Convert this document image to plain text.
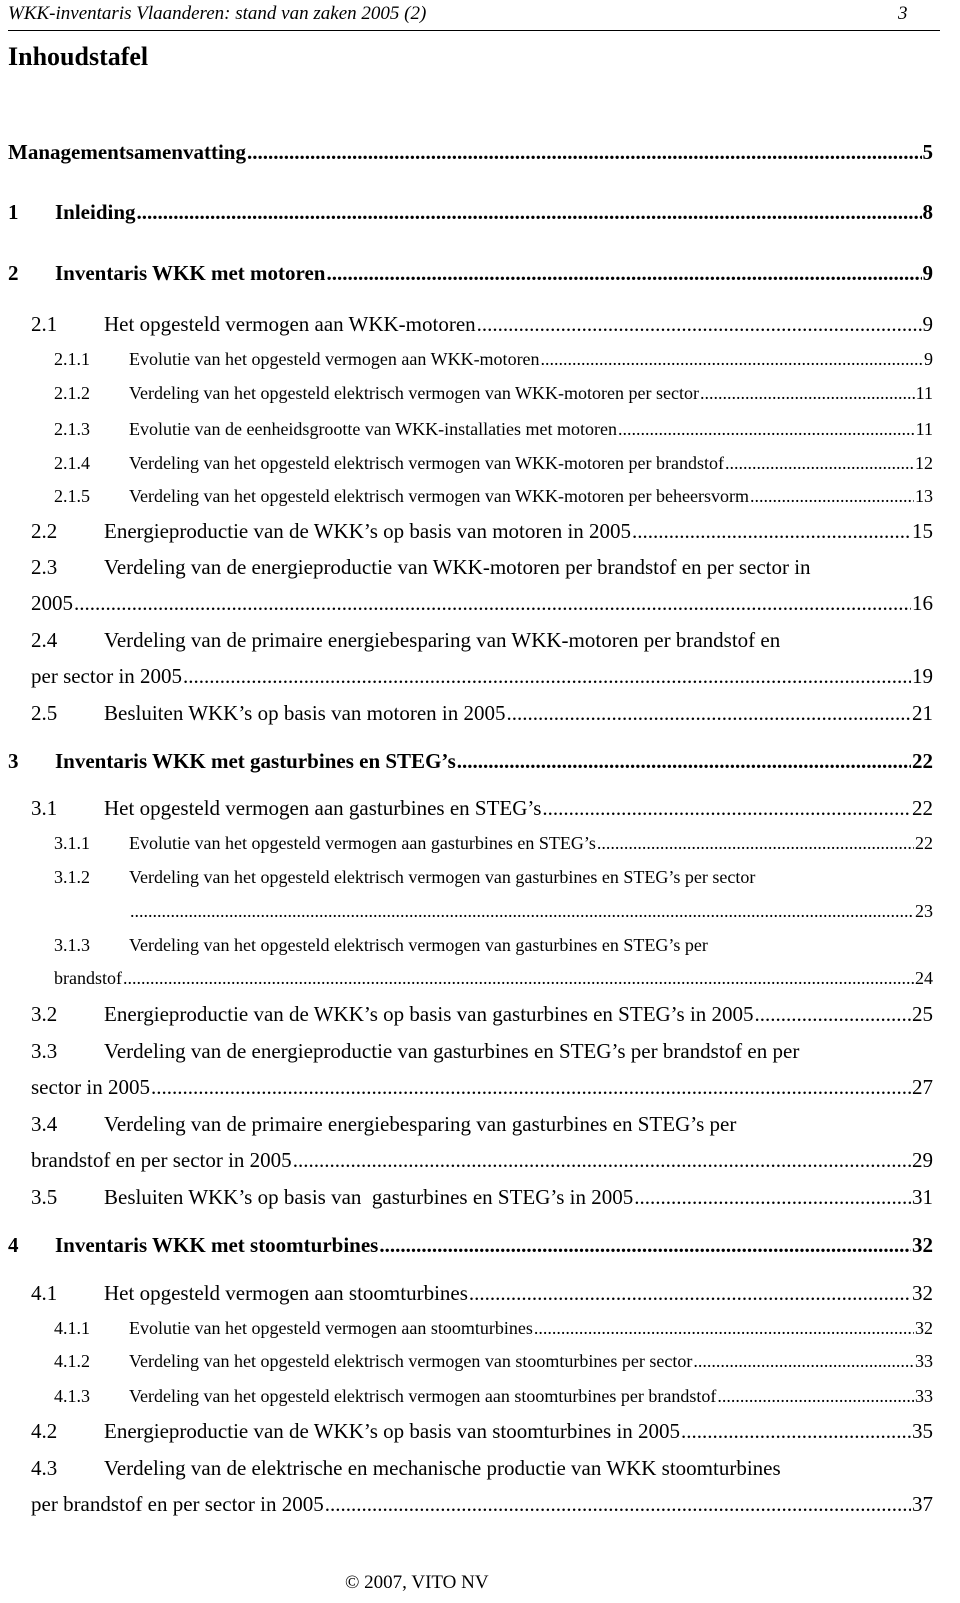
WKK-inventaris Vlaanderen: stand van zaken 2005 (2)	3
Inhoudstafel
Managementsamenvatting .....	5
1	Inleiding .....	8
2	Inventaris WKK met motoren .....	9
2.1	Het opgesteld vermogen aan WKK-motoren .....	9
2.1.1	Evolutie van het opgesteld vermogen aan WKK-motoren .....	9
2.1.2	Verdeling van het opgesteld elektrisch vermogen van WKK-motoren per sector .....	11
2.1.3	Evolutie van de eenheidsgrootte van WKK-installaties met motoren .....	11
2.1.4	Verdeling van het opgesteld elektrisch vermogen van WKK-motoren per brandstof .....	12
2.1.5	Verdeling van het opgesteld elektrisch vermogen van WKK-motoren per beheersvorm .....	13
2.2	Energieproductie van de WKK’s op basis van motoren in 2005 .....	15
2.3	Verdeling van de energieproductie van WKK-motoren per brandstof en per sector in
2005 .....	16
2.4	Verdeling van de primaire energiebesparing van WKK-motoren per brandstof en
per sector in 2005 .....	19
2.5	Besluiten WKK’s op basis van motoren in 2005 .....	21
3	Inventaris WKK met gasturbines en STEG’s .....	22
3.1	Het opgesteld vermogen aan gasturbines en STEG’s .....	22
3.1.1	Evolutie van het opgesteld vermogen aan gasturbines en STEG’s .....	22
3.1.2	Verdeling van het opgesteld elektrisch vermogen van gasturbines en STEG’s per sector
.....
23
3.1.3	Verdeling van het opgesteld elektrisch vermogen van gasturbines en STEG’s per
brandstof .....	24
3.2	Energieproductie van de WKK’s op basis van gasturbines en STEG’s in 2005 .....	25
3.3	Verdeling van de energieproductie van gasturbines en STEG’s per brandstof en per
sector in 2005 .....	27
3.4	Verdeling van de primaire energiebesparing van gasturbines en STEG’s per
brandstof en per sector in 2005 .....	29
3.5	Besluiten WKK’s op basis van  gasturbines en STEG’s in 2005 .....	31
4	Inventaris WKK met stoomturbines .....	32
4.1	Het opgesteld vermogen aan stoomturbines .....	32
4.1.1	Evolutie van het opgesteld vermogen aan stoomturbines .....	32
4.1.2	Verdeling van het opgesteld elektrisch vermogen van stoomturbines per sector .....	33
4.1.3	Verdeling van het opgesteld elektrisch vermogen aan stoomturbines per brandstof .....	33
4.2	Energieproductie van de WKK’s op basis van stoomturbines in 2005 .....	35
4.3	Verdeling van de elektrische en mechanische productie van WKK stoomturbines
per brandstof en per sector in 2005 .....	37
© 2007, VITO NV
